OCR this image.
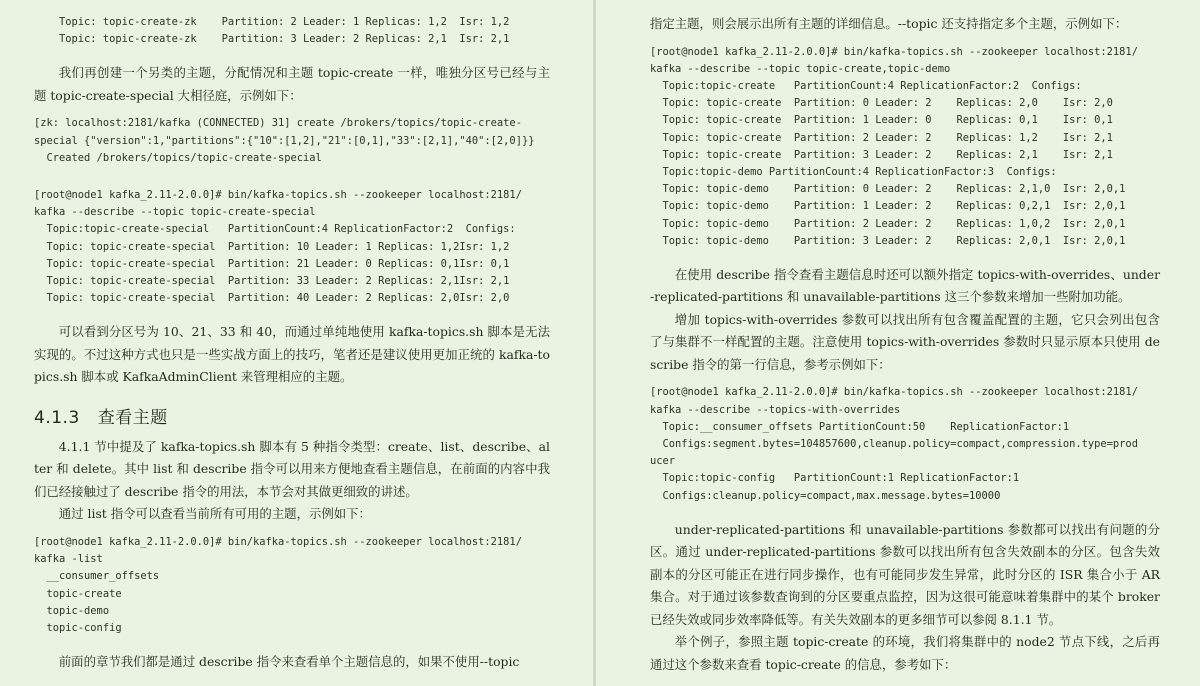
Topic: topic-create-zk    Partition: 2 Leader: 1 Replicas: 1,2  Isr: 1,2
Topic: topic-create-zk    Partition: 3 Leader: 2 Replicas: 2,1  Isr: 2,1

我们再创建一个另类的主题，分配情况和主题 topic-create 一样，唯独分区号已经与主题 topic-create-special 大相径庭，示例如下：

[zk: localhost:2181/kafka (CONNECTED) 31] create /brokers/topics/topic-create-
special {"version":1,"partitions":{"10":[1,2],"21":[0,1],"33":[2,1],"40":[2,0]}}
Created /brokers/topics/topic-create-special
[root@node1 kafka_2.11-2.0.0]# bin/kafka-topics.sh --zookeeper localhost:2181/
kafka --describe --topic topic-create-special
Topic:topic-create-special   PartitionCount:4 ReplicationFactor:2  Configs:
Topic: topic-create-special  Partition: 10 Leader: 1 Replicas: 1,2Isr: 1,2
Topic: topic-create-special  Partition: 21 Leader: 0 Replicas: 0,1Isr: 0,1
Topic: topic-create-special  Partition: 33 Leader: 2 Replicas: 2,1Isr: 2,1
Topic: topic-create-special  Partition: 40 Leader: 2 Replicas: 2,0Isr: 2,0

可以看到分区号为 10、21、33 和 40，而通过单纯地使用 kafka-topics.sh 脚本是无法实现的。不过这种方式也只是一些实战方面上的技巧，笔者还是建议使用更加正统的 kafka-topics.sh 脚本或 KafkaAdminClient 来管理相应的主题。

4.1.3 查看主题

4.1.1 节中提及了 kafka-topics.sh 脚本有 5 种指令类型：create、list、describe、alter 和 delete。其中 list 和 describe 指令可以用来方便地查看主题信息，在前面的内容中我们已经接触过了 describe 指令的用法，本节会对其做更细致的讲述。

通过 list 指令可以查看当前所有可用的主题，示例如下：

[root@node1 kafka_2.11-2.0.0]# bin/kafka-topics.sh --zookeeper localhost:2181/
kafka -list
__consumer_offsets
topic-create
topic-demo
topic-config

前面的章节我们都是通过 describe 指令来查看单个主题信息的，如果不使用--topic

指定主题，则会展示出所有主题的详细信息。--topic 还支持指定多个主题，示例如下：

[root@node1 kafka_2.11-2.0.0]# bin/kafka-topics.sh --zookeeper localhost:2181/
kafka --describe --topic topic-create,topic-demo
Topic:topic-create   PartitionCount:4 ReplicationFactor:2  Configs:
Topic: topic-create  Partition: 0 Leader: 2    Replicas: 2,0    Isr: 2,0
Topic: topic-create  Partition: 1 Leader: 0    Replicas: 0,1    Isr: 0,1
Topic: topic-create  Partition: 2 Leader: 2    Replicas: 1,2    Isr: 2,1
Topic: topic-create  Partition: 3 Leader: 2    Replicas: 2,1    Isr: 2,1
Topic:topic-demo PartitionCount:4 ReplicationFactor:3  Configs:
Topic: topic-demo    Partition: 0 Leader: 2    Replicas: 2,1,0  Isr: 2,0,1
Topic: topic-demo    Partition: 1 Leader: 2    Replicas: 0,2,1  Isr: 2,0,1
Topic: topic-demo    Partition: 2 Leader: 2    Replicas: 1,0,2  Isr: 2,0,1
Topic: topic-demo    Partition: 3 Leader: 2    Replicas: 2,0,1  Isr: 2,0,1

在使用 describe 指令查看主题信息时还可以额外指定 topics-with-overrides、under-replicated-partitions 和 unavailable-partitions 这三个参数来增加一些附加功能。

增加 topics-with-overrides 参数可以找出所有包含覆盖配置的主题，它只会列出包含了与集群不一样配置的主题。注意使用 topics-with-overrides 参数时只显示原本只使用 describe 指令的第一行信息，参考示例如下：

[root@node1 kafka_2.11-2.0.0]# bin/kafka-topics.sh --zookeeper localhost:2181/
kafka --describe --topics-with-overrides
Topic:__consumer_offsets PartitionCount:50    ReplicationFactor:1
Configs:segment.bytes=104857600,cleanup.policy=compact,compression.type=prod
ucer
Topic:topic-config   PartitionCount:1 ReplicationFactor:1
Configs:cleanup.policy=compact,max.message.bytes=10000

under-replicated-partitions 和 unavailable-partitions 参数都可以找出有问题的分区。通过 under-replicated-partitions 参数可以找出所有包含失效副本的分区。包含失效副本的分区可能正在进行同步操作，也有可能同步发生异常，此时分区的 ISR 集合小于 AR 集合。对于通过该参数查询到的分区要重点监控，因为这很可能意味着集群中的某个 broker 已经失效或同步效率降低等。有关失效副本的更多细节可以参阅 8.1.1 节。

举个例子，参照主题 topic-create 的环境，我们将集群中的 node2 节点下线，之后再通过这个参数来查看 topic-create 的信息，参考如下：
